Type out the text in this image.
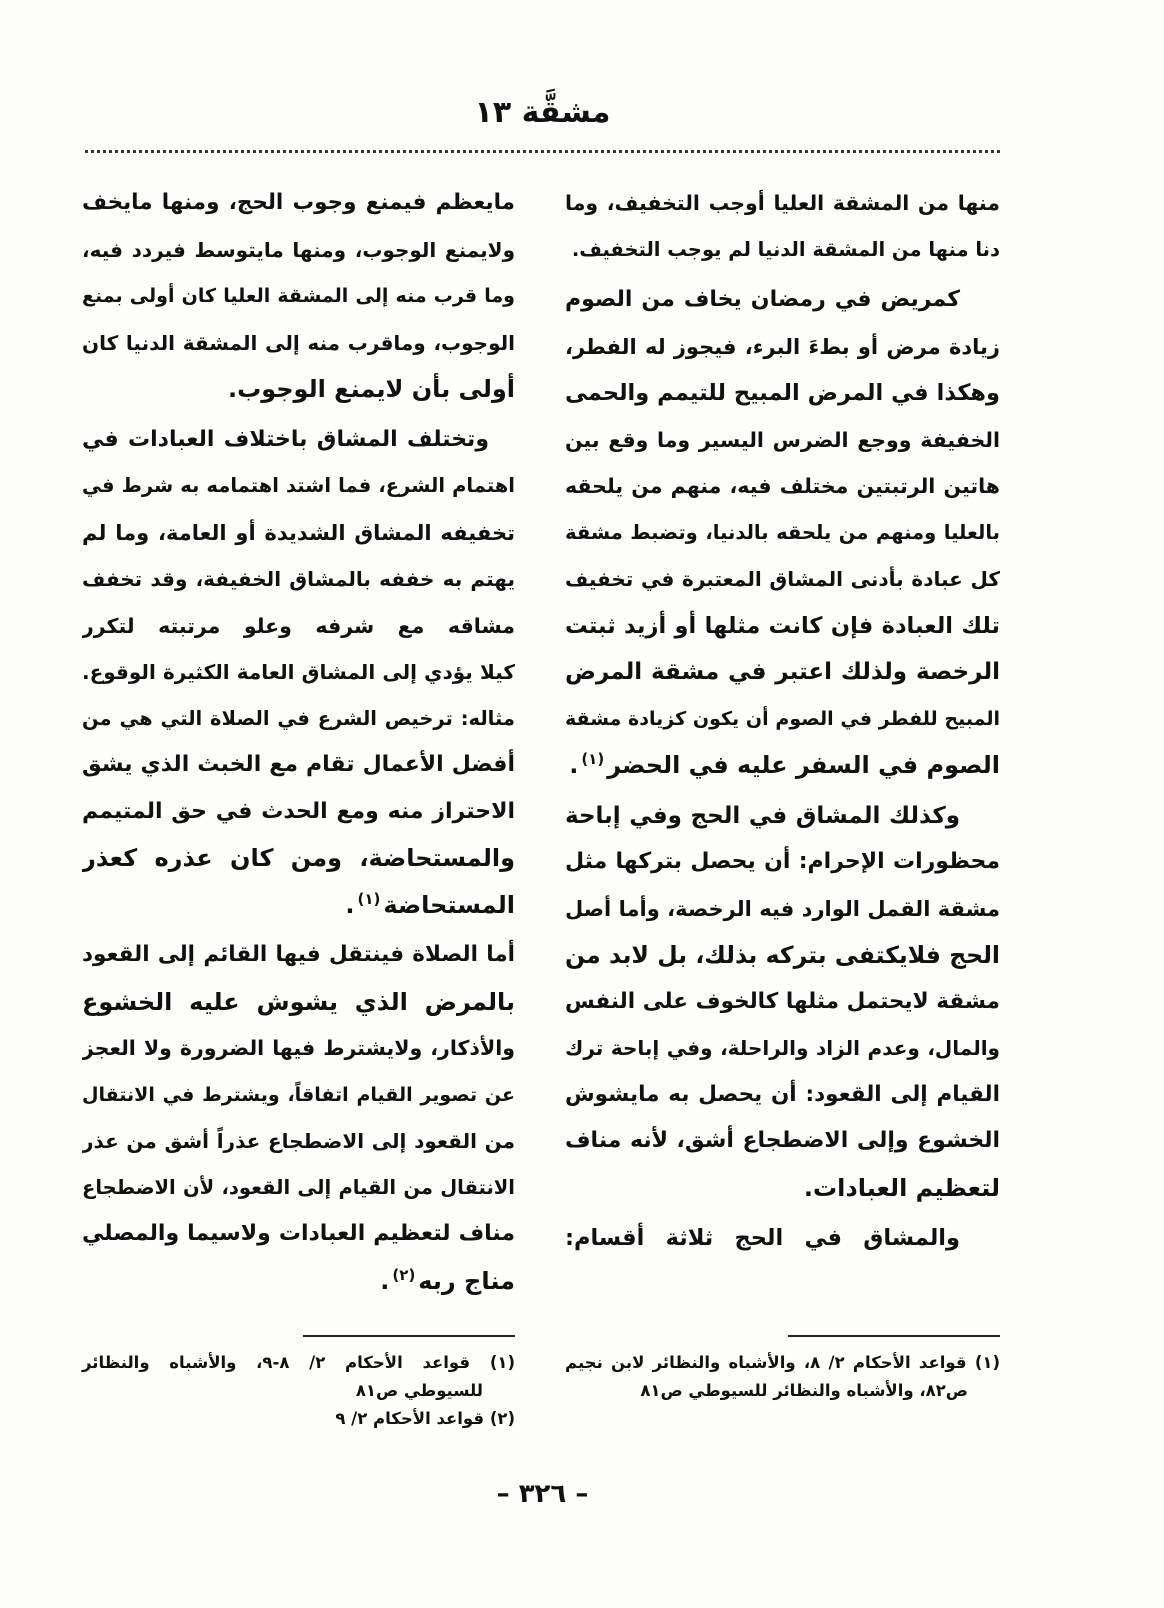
مشقَّة ١٣
منها من المشقة العليا أوجب التخفيف، وما
دنا منها من المشقة الدنيا لم يوجب التخفيف.
كمريض في رمضان يخاف من الصوم
زيادة مرض أو بطءَ البرء، فيجوز له الفطر،
وهكذا في المرض المبيح للتيمم والحمى
الخفيفة ووجع الضرس اليسير وما وقع بين
هاتين الرتبتين مختلف فيه، منهم من يلحقه
بالعليا ومنهم من يلحقه بالدنيا، وتضبط مشقة
كل عبادة بأدنى المشاق المعتبرة في تخفيف
تلك العبادة فإن كانت مثلها أو أزيد ثبتت
الرخصة ولذلك اعتبر في مشقة المرض
المبيح للفطر في الصوم أن يكون كزيادة مشقة
الصوم في السفر عليه في الحضر$^{(١)}$.
وكذلك المشاق في الحج وفي إباحة
محظورات الإحرام: أن يحصل بتركها مثل
مشقة القمل الوارد فيه الرخصة، وأما أصل
الحج فلايكتفى بتركه بذلك، بل لابد من
مشقة لايحتمل مثلها كالخوف على النفس
والمال، وعدم الزاد والراحلة، وفي إباحة ترك
القيام إلى القعود: أن يحصل به مايشوش
الخشوع وإلى الاضطجاع أشق، لأنه مناف
لتعظيم العبادات.
والمشاق في الحج ثلاثة أقسام:
مايعظم فيمنع وجوب الحج، ومنها مايخف
ولايمنع الوجوب، ومنها مايتوسط فيردد فيه،
وما قرب منه إلى المشقة العليا كان أولى بمنع
الوجوب، وماقرب منه إلى المشقة الدنيا كان
أولى بأن لايمنع الوجوب.
وتختلف المشاق باختلاف العبادات في
اهتمام الشرع، فما اشتد اهتمامه به شرط في
تخفيفه المشاق الشديدة أو العامة، وما لم
يهتم به خففه بالمشاق الخفيفة، وقد تخفف
مشاقه مع شرفه وعلو مرتبته لتكرر
كيلا يؤدي إلى المشاق العامة الكثيرة الوقوع.
مثاله: ترخيص الشرع في الصلاة التي هي من
أفضل الأعمال تقام مع الخبث الذي يشق
الاحتراز منه ومع الحدث في حق المتيمم
والمستحاضة، ومن كان عذره كعذر
المستحاضة$^{(١)}$.
أما الصلاة فينتقل فيها القائم إلى القعود
بالمرض الذي يشوش عليه الخشوع
والأذكار، ولايشترط فيها الضرورة ولا العجز
عن تصوير القيام اتفاقاً، ويشترط في الانتقال
من القعود إلى الاضطجاع عذراً أشق من عذر
الانتقال من القيام إلى القعود، لأن الاضطجاع
مناف لتعظيم العبادات ولاسيما والمصلي
مناج ربه$^{(٢)}$.
(١) قواعد الأحكام ٢/ ٨، والأشباه والنظائر لابن نجيم ص٨٢، والأشباه والنظائر للسيوطي ص٨١
(١) قواعد الأحكام ٢/ ٨-٩، والأشباه والنظائر للسيوطي ص٨١
(٢) قواعد الأحكام ٢/ ٩
– ٣٢٦ –
